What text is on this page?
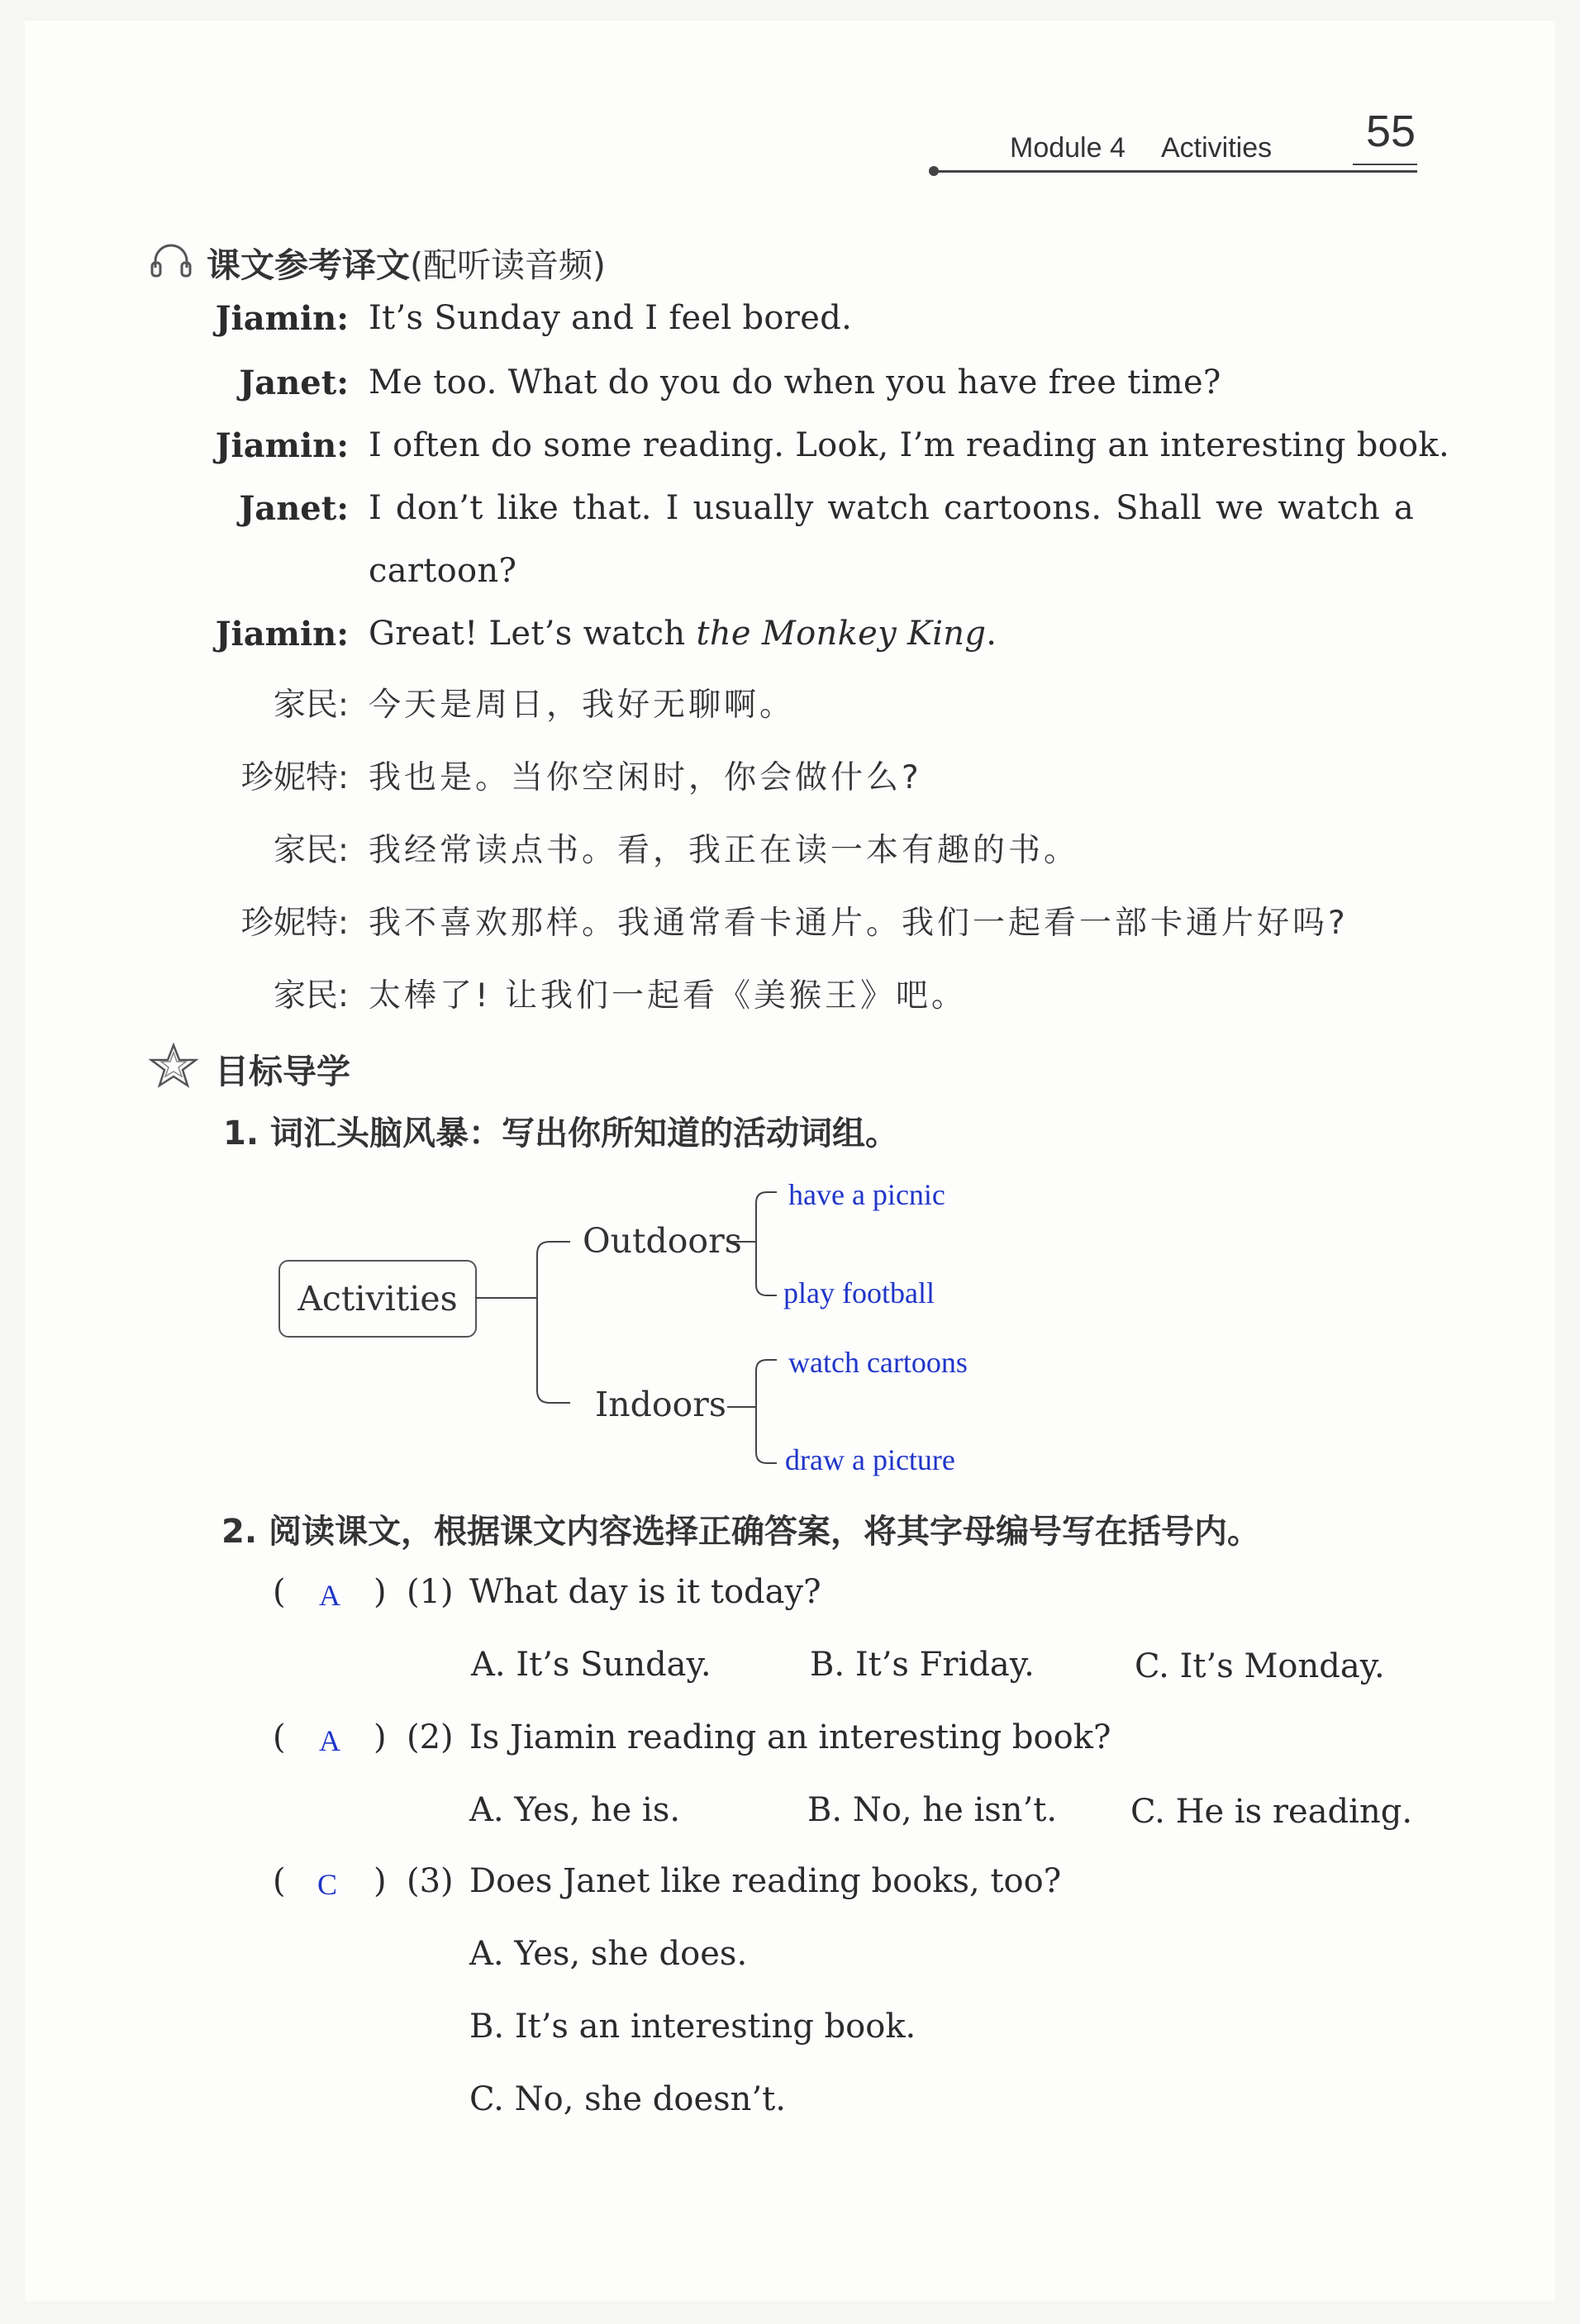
Module 4 Activities 55
课文参考译文(配听读音频)
Jiamin: It’s Sunday and I feel bored.
Janet: Me too. What do you do when you have free time?
Jiamin: I often do some reading. Look, I’m reading an interesting book.
Janet: I don’t like that. I usually watch cartoons. Shall we watch a
cartoon?
Jiamin: Great! Let’s watch the Monkey King.
家民: 今天是周日，我好无聊啊。
珍妮特: 我也是。当你空闲时，你会做什么?
家民: 我经常读点书。看，我正在读一本有趣的书。
珍妮特: 我不喜欢那样。我通常看卡通片。我们一起看一部卡通片好吗?
家民: 太棒了! 让我们一起看《美猴王》吧。
目标导学
1. 词汇头脑风暴：写出你所知道的活动词组。
Activities
Outdoors
Indoors
have a picnic
play football
watch cartoons
draw a picture
2. 阅读课文，根据课文内容选择正确答案，将其字母编号写在括号内。
( A ) (1) What day is it today?
A. It’s Sunday.	B. It’s Friday.	C. It’s Monday.
( A ) (2) Is Jiamin reading an interesting book?
A. Yes, he is.	B. No, he isn’t. C. He is reading.
( C ) (3) Does Janet like reading books, too?
A. Yes, she does.
B. It’s an interesting book.
C. No, she doesn’t.
